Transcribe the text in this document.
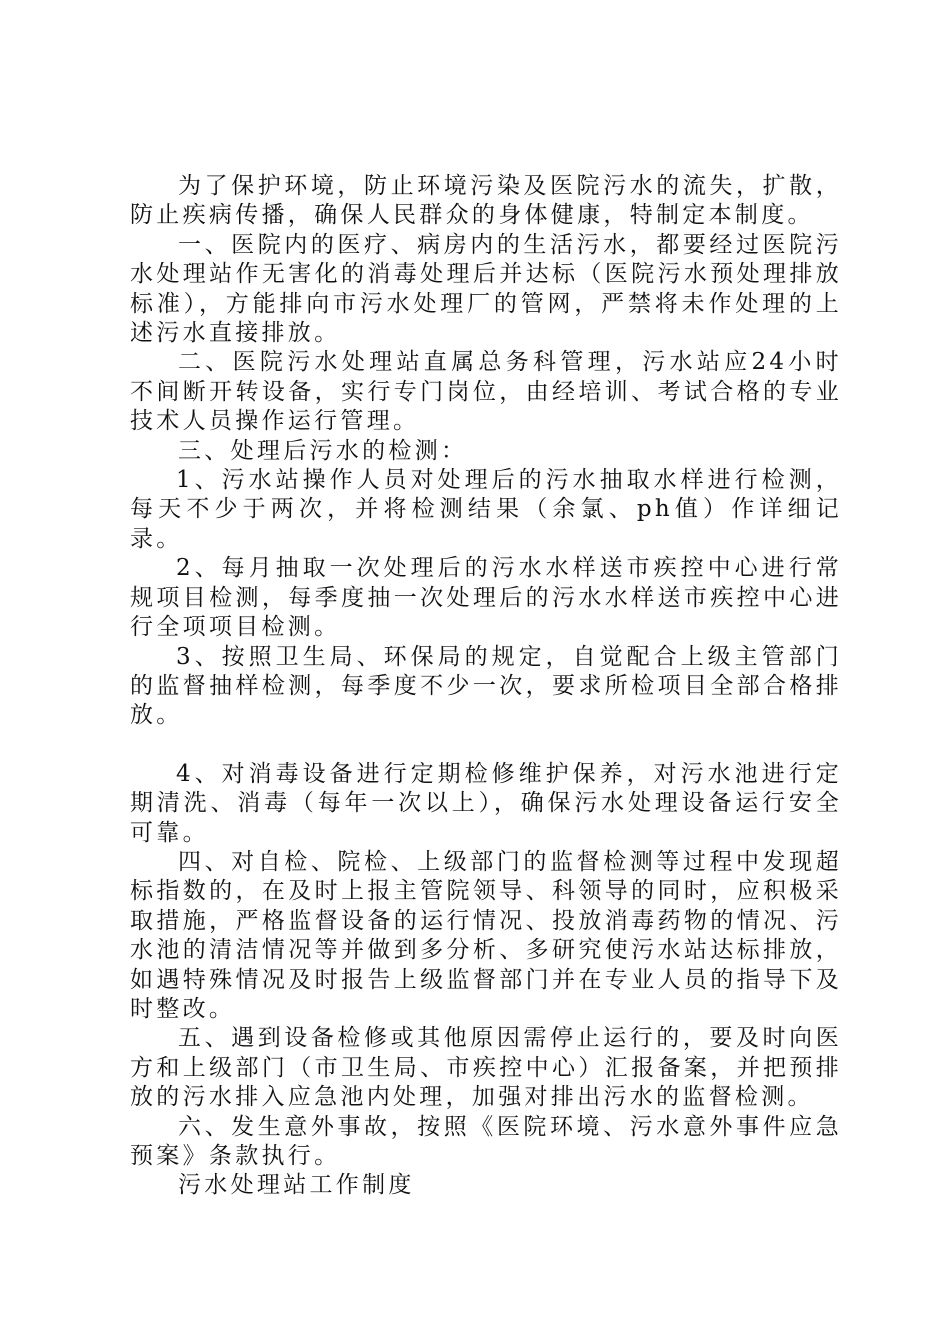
为了保护环境，防止环境污染及医院污水的流失，扩散，防止疾病传播，确保人民群众的身体健康，特制定本制度。

一、医院内的医疗、病房内的生活污水，都要经过医院污水处理站作无害化的消毒处理后并达标（医院污水预处理排放标准），方能排向市污水处理厂的管网，严禁将未作处理的上述污水直接排放。

二、医院污水处理站直属总务科管理，污水站应24小时不间断开转设备，实行专门岗位，由经培训、考试合格的专业技术人员操作运行管理。

三、处理后污水的检测：

1、污水站操作人员对处理后的污水抽取水样进行检测，每天不少于两次，并将检测结果（余氯、ph值）作详细记录。

2、每月抽取一次处理后的污水水样送市疾控中心进行常规项目检测，每季度抽一次处理后的污水水样送市疾控中心进行全项项目检测。

3、按照卫生局、环保局的规定，自觉配合上级主管部门的监督抽样检测，每季度不少一次，要求所检项目全部合格排放。

4、对消毒设备进行定期检修维护保养，对污水池进行定期清洗、消毒（每年一次以上），确保污水处理设备运行安全可靠。

四、对自检、院检、上级部门的监督检测等过程中发现超标指数的，在及时上报主管院领导、科领导的同时，应积极采取措施，严格监督设备的运行情况、投放消毒药物的情况、污水池的清洁情况等并做到多分析、多研究使污水站达标排放，如遇特殊情况及时报告上级监督部门并在专业人员的指导下及时整改。

五、遇到设备检修或其他原因需停止运行的，要及时向医方和上级部门（市卫生局、市疾控中心）汇报备案，并把预排放的污水排入应急池内处理，加强对排出污水的监督检测。

六、发生意外事故，按照《医院环境、污水意外事件应急预案》条款执行。

污水处理站工作制度
